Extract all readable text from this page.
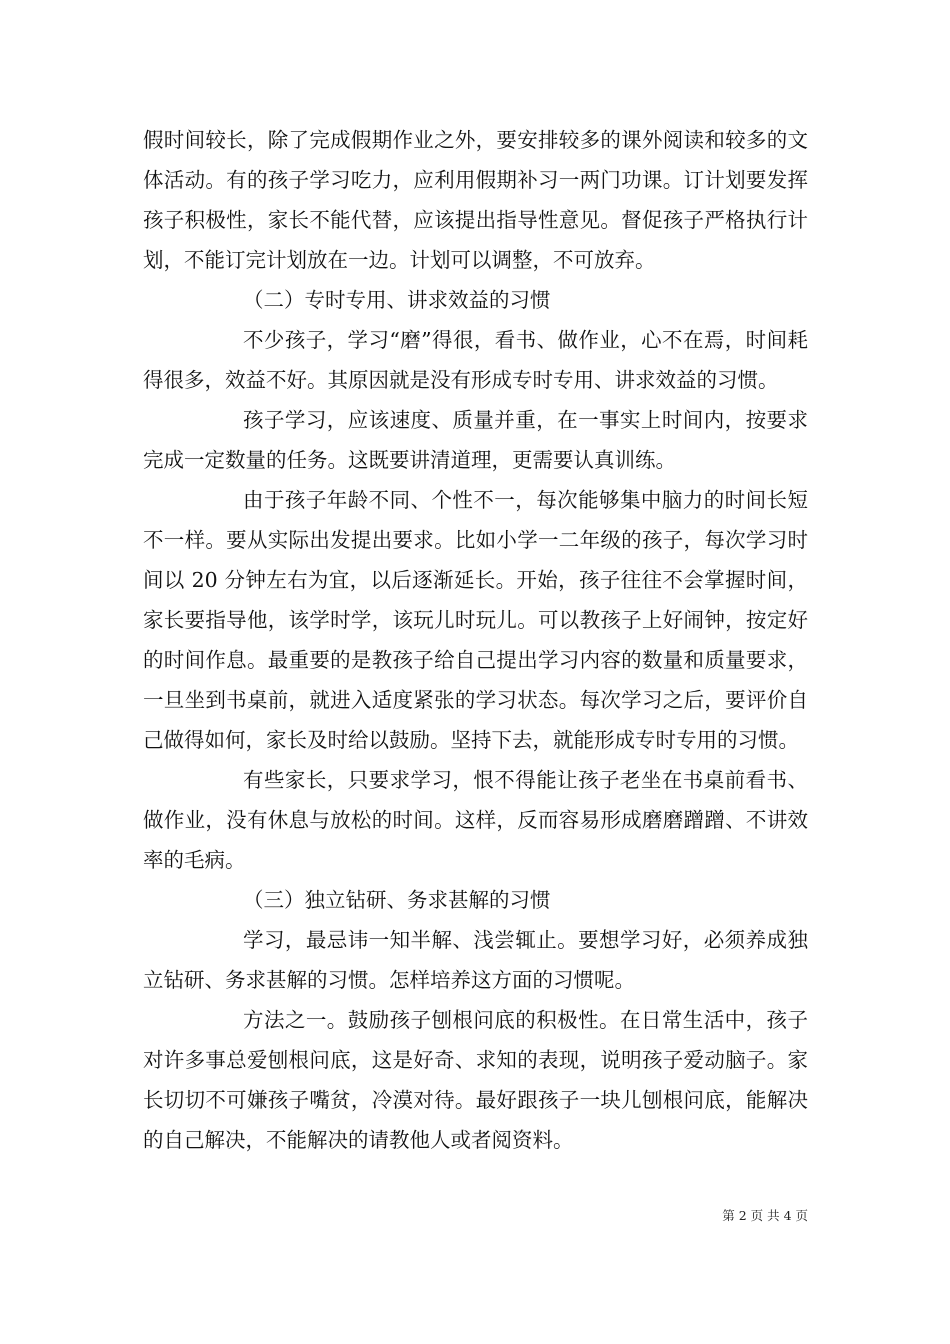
假时间较长，除了完成假期作业之外，要安排较多的课外阅读和较多的文体活动。有的孩子学习吃力，应利用假期补习一两门功课。订计划要发挥孩子积极性，家长不能代替，应该提出指导性意见。督促孩子严格执行计划，不能订完计划放在一边。计划可以调整，不可放弃。

（二）专时专用、讲求效益的习惯

不少孩子，学习“磨”得很，看书、做作业，心不在焉，时间耗得很多，效益不好。其原因就是没有形成专时专用、讲求效益的习惯。

孩子学习，应该速度、质量并重，在一事实上时间内，按要求完成一定数量的任务。这既要讲清道理，更需要认真训练。

由于孩子年龄不同、个性不一，每次能够集中脑力的时间长短不一样。要从实际出发提出要求。比如小学一二年级的孩子，每次学习时间以 20 分钟左右为宜，以后逐渐延长。开始，孩子往往不会掌握时间，家长要指导他，该学时学，该玩儿时玩儿。可以教孩子上好闹钟，按定好的时间作息。最重要的是教孩子给自己提出学习内容的数量和质量要求，一旦坐到书桌前，就进入适度紧张的学习状态。每次学习之后，要评价自己做得如何，家长及时给以鼓励。坚持下去，就能形成专时专用的习惯。

有些家长，只要求学习，恨不得能让孩子老坐在书桌前看书、做作业，没有休息与放松的时间。这样，反而容易形成磨磨蹭蹭、不讲效率的毛病。

（三）独立钻研、务求甚解的习惯

学习，最忌讳一知半解、浅尝辄止。要想学习好，必须养成独立钻研、务求甚解的习惯。怎样培养这方面的习惯呢。

方法之一。鼓励孩子刨根问底的积极性。在日常生活中，孩子对许多事总爱刨根问底，这是好奇、求知的表现，说明孩子爱动脑子。家长切切不可嫌孩子嘴贫，冷漠对待。最好跟孩子一块儿刨根问底，能解决的自己解决，不能解决的请教他人或者阅资料。

第 2 页 共 4 页
